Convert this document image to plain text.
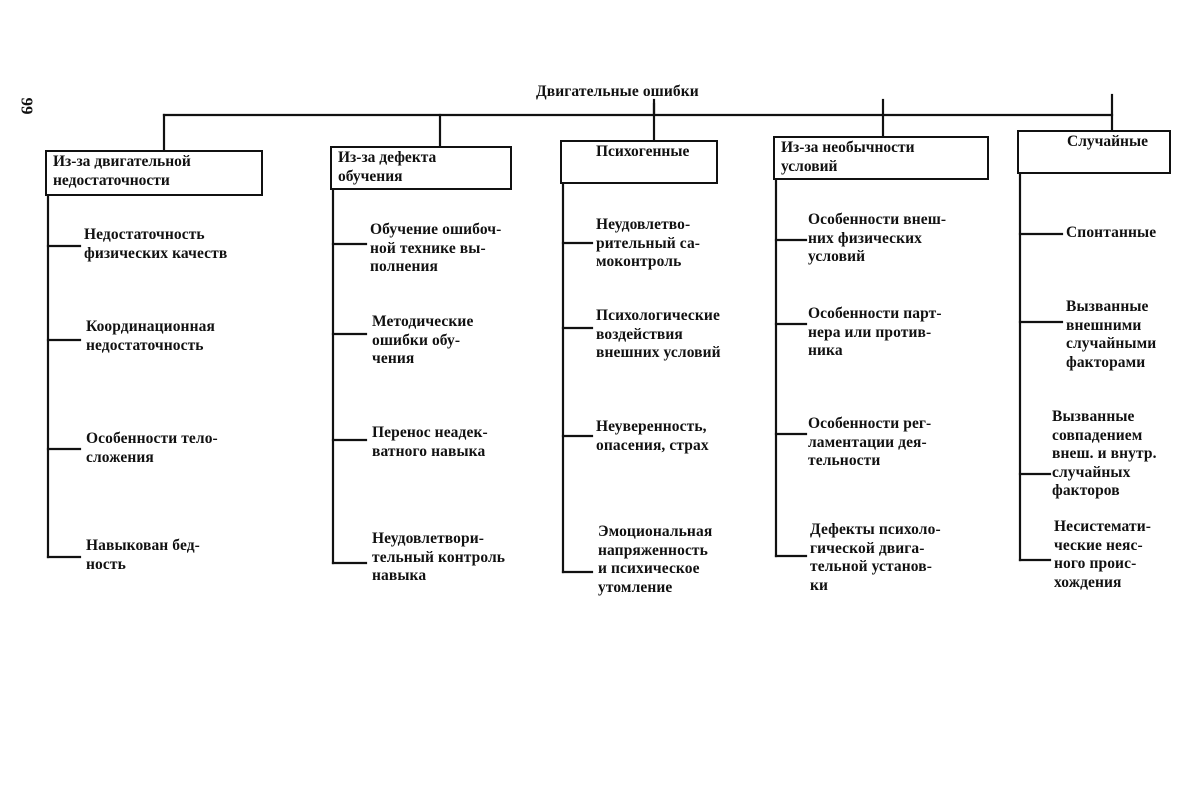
99
Двигательные ошибки
Из-за двигательной
недостаточности
Из-за дефекта
обучения
Психогенные	Из-за необычности
условий
Случайные
Недостаточность
физических качеств
Координационная
недостаточность
Особенности тело-
сложения
Навыкован бед-
ность
Обучение ошибоч-
ной технике вы-
полнения
Методические
ошибки обу-
чения
Перенос неадек-
ватного навыка
Неудовлетвори-
тельный контроль
навыка
Неудовлетво-
рительный са-
моконтроль
Психологические
воздействия
внешних условий
Неуверенность,
опасения, страх
Эмоциональная
напряженность
и психическое
утомление
Особенности внеш-
них физических
условий
Особенности парт-
нера или против-
ника
Особенности рег-
ламентации дея-
тельности
Дефекты психоло-
гической двига-
тельной установ-
ки
Спонтанные
Вызванные
внешними
случайными
факторами
Вызванные
совпадением
внеш. и внутр.
случайных
факторов
Несистемати-
ческие неяс-
ного проис-
хождения
